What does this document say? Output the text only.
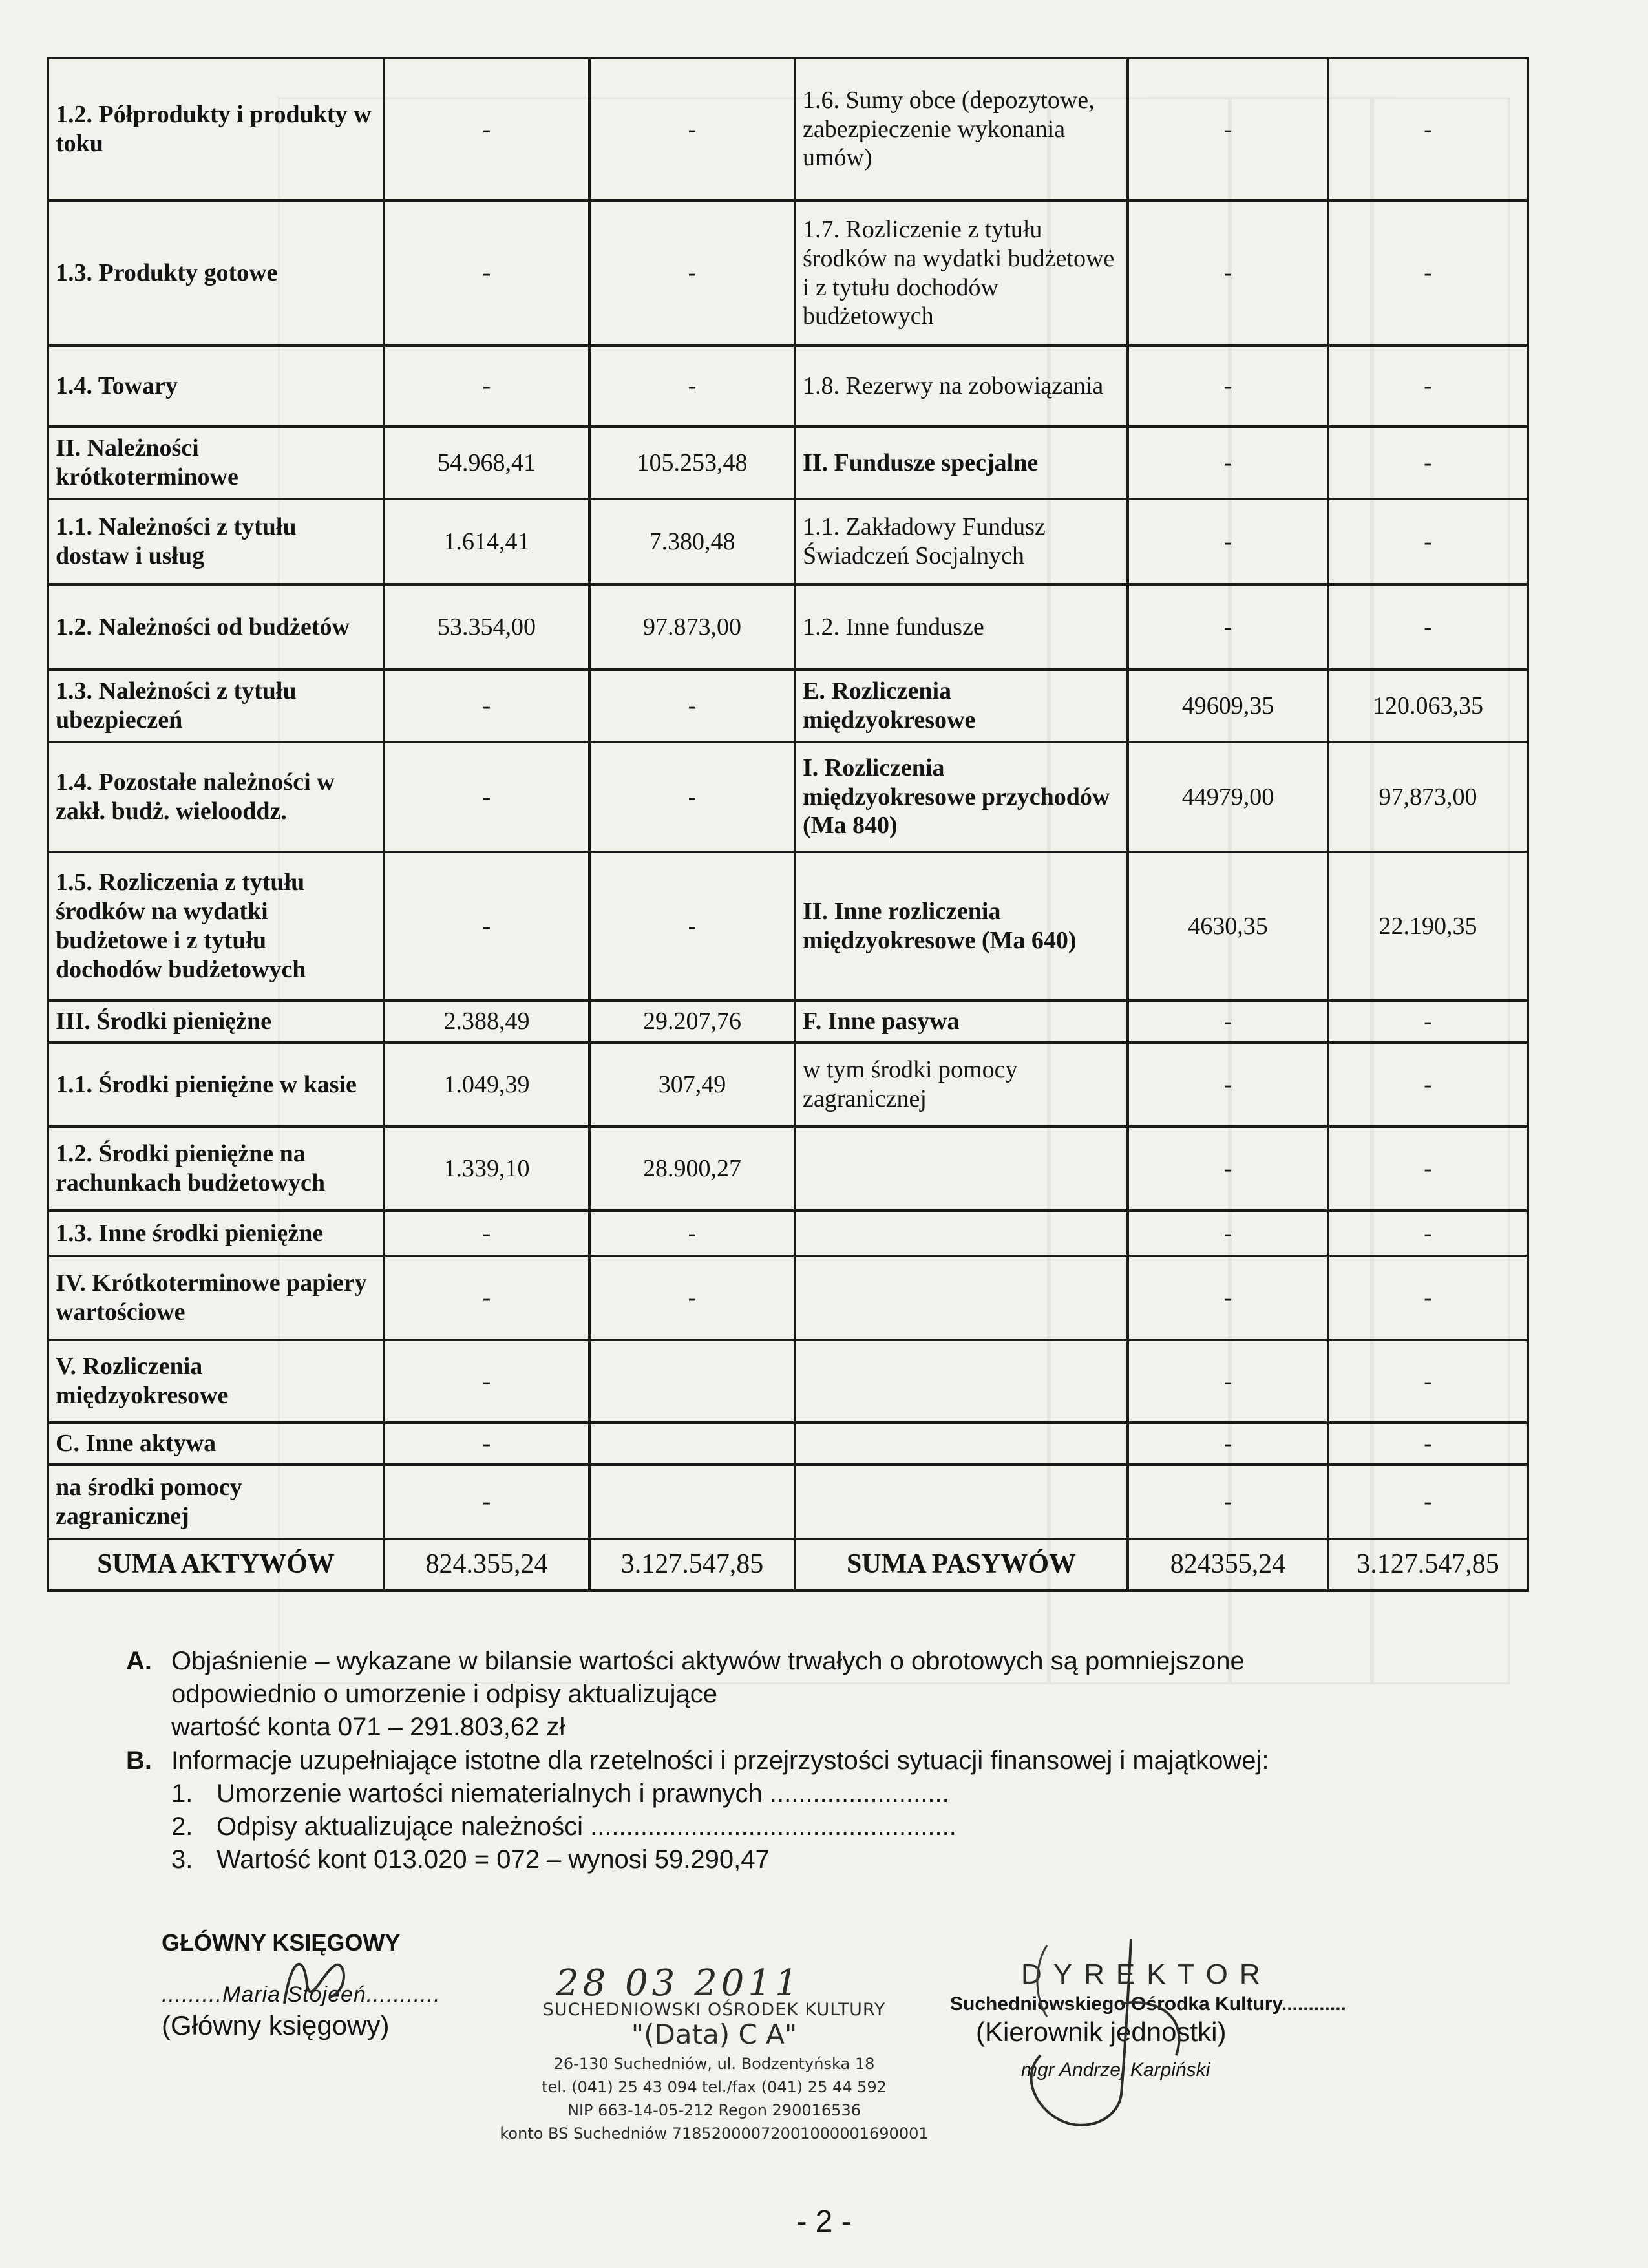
1.2. Półprodukty i produkty w toku	-	-	1.6. Sumy obce (depozytowe, zabezpieczenie wykonania umów)	-	-
1.3. Produkty gotowe	-	-	1.7. Rozliczenie z tytułu środków na wydatki budżetowe i z tytułu dochodów budżetowych	-	-
1.4. Towary	-	-	1.8. Rezerwy na zobowiązania	-	-
II. Należności krótkoterminowe	54.968,41	105.253,48	II. Fundusze specjalne	-	-
1.1. Należności z tytułu dostaw i usług	1.614,41	7.380,48	1.1. Zakładowy Fundusz Świadczeń Socjalnych	-	-
1.2. Należności od budżetów	53.354,00	97.873,00	1.2. Inne fundusze	-	-
1.3. Należności z tytułu ubezpieczeń	-	-	E. Rozliczenia międzyokresowe	49609,35	120.063,35
1.4. Pozostałe należności w zakł. budż. wielooddz.	-	-	I. Rozliczenia międzyokresowe przychodów (Ma 840)	44979,00	97,873,00
1.5. Rozliczenia z tytułu środków na wydatki budżetowe i z tytułu dochodów budżetowych	-	-	II. Inne rozliczenia międzyokresowe (Ma 640)	4630,35	22.190,35
III. Środki pieniężne	2.388,49	29.207,76	F. Inne pasywa	-	-
1.1. Środki pieniężne w kasie	1.049,39	307,49	w tym środki pomocy zagranicznej	-	-
1.2. Środki pieniężne na rachunkach budżetowych	1.339,10	28.900,27		-	-
1.3. Inne środki pieniężne	-	-		-	-
IV. Krótkoterminowe papiery wartościowe	-	-		-	-
V. Rozliczenia międzyokresowe	-			-	-
C. Inne aktywa	-			-	-
na środki pomocy zagranicznej	-			-	-
SUMA AKTYWÓW	824.355,24	3.127.547,85	SUMA PASYWÓW	824355,24	3.127.547,85
A. Objaśnienie – wykazane w bilansie wartości aktywów trwałych o obrotowych są pomniejszone
odpowiednio o umorzenie i odpisy aktualizujące
wartość konta 071 – 291.803,62 zł
B. Informacje uzupełniające istotne dla rzetelności i przejrzystości sytuacji finansowej i majątkowej:
1. Umorzenie wartości niematerialnych i prawnych .........................
2. Odpisy aktualizujące należności ...................................................
3. Wartość kont 013.020 = 072 – wynosi 59.290,47
GŁÓWNY KSIĘGOWY
.........Maria Stojeeń...........
(Główny księgowy)
28 03 2011
SUCHEDNIOWSKI OŚRODEK KULTURY
"(Data) C A"
26-130 Suchedniów, ul. Bodzentyńska 18
tel. (041) 25 43 094 tel./fax (041) 25 44 592
NIP 663-14-05-212 Regon 290016536
konto BS Suchedniów 71852000072001000001690001
DYREKTOR
Suchedniowskiego Ośrodka Kultury............
(Kierownik jednostki)
mgr Andrzej Karpiński
- 2 -
